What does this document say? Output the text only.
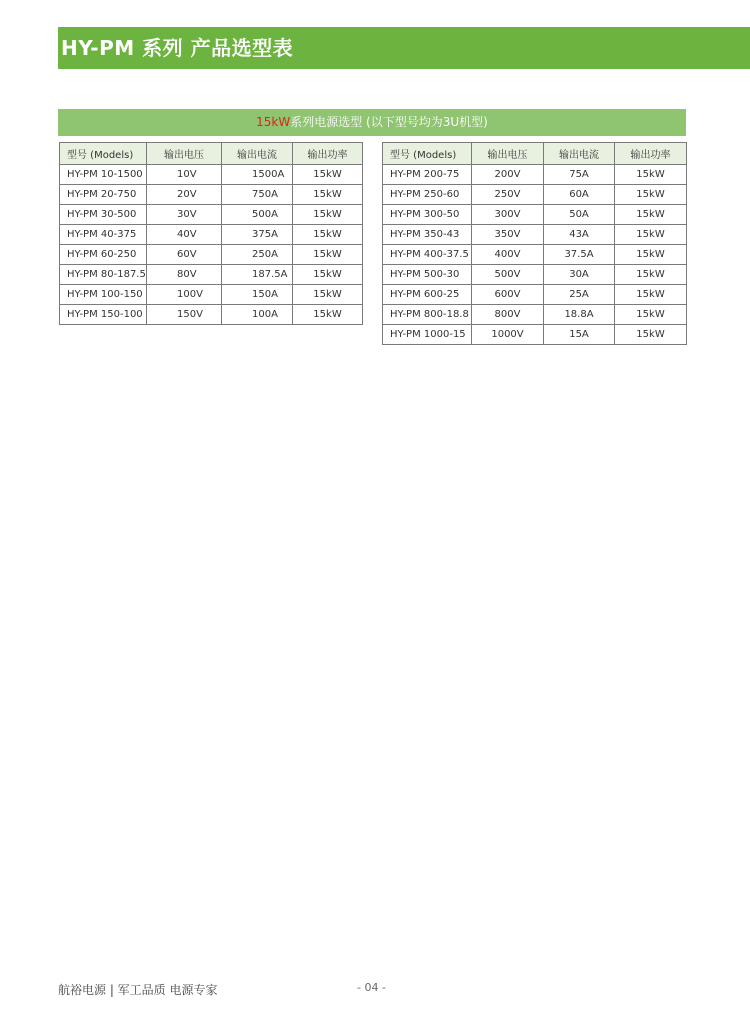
HY-PM 系列 产品选型表
15kW系列电源选型 (以下型号均为3U机型)
型号 (Models)	输出电压	输出电流	输出功率
HY-PM 10-1500	10V	1500A	15kW
HY-PM 20-750	20V	750A	15kW
HY-PM 30-500	30V	500A	15kW
HY-PM 40-375	40V	375A	15kW
HY-PM 60-250	60V	250A	15kW
HY-PM 80-187.5	80V	187.5A	15kW
HY-PM 100-150	100V	150A	15kW
HY-PM 150-100	150V	100A	15kW
型号 (Models)	输出电压	输出电流	输出功率
HY-PM 200-75	200V	75A	15kW
HY-PM 250-60	250V	60A	15kW
HY-PM 300-50	300V	50A	15kW
HY-PM 350-43	350V	43A	15kW
HY-PM 400-37.5	400V	37.5A	15kW
HY-PM 500-30	500V	30A	15kW
HY-PM 600-25	600V	25A	15kW
HY-PM 800-18.8	800V	18.8A	15kW
HY-PM 1000-15	1000V	15A	15kW
航裕电源 | 军工品质 电源专家	- 04 -
